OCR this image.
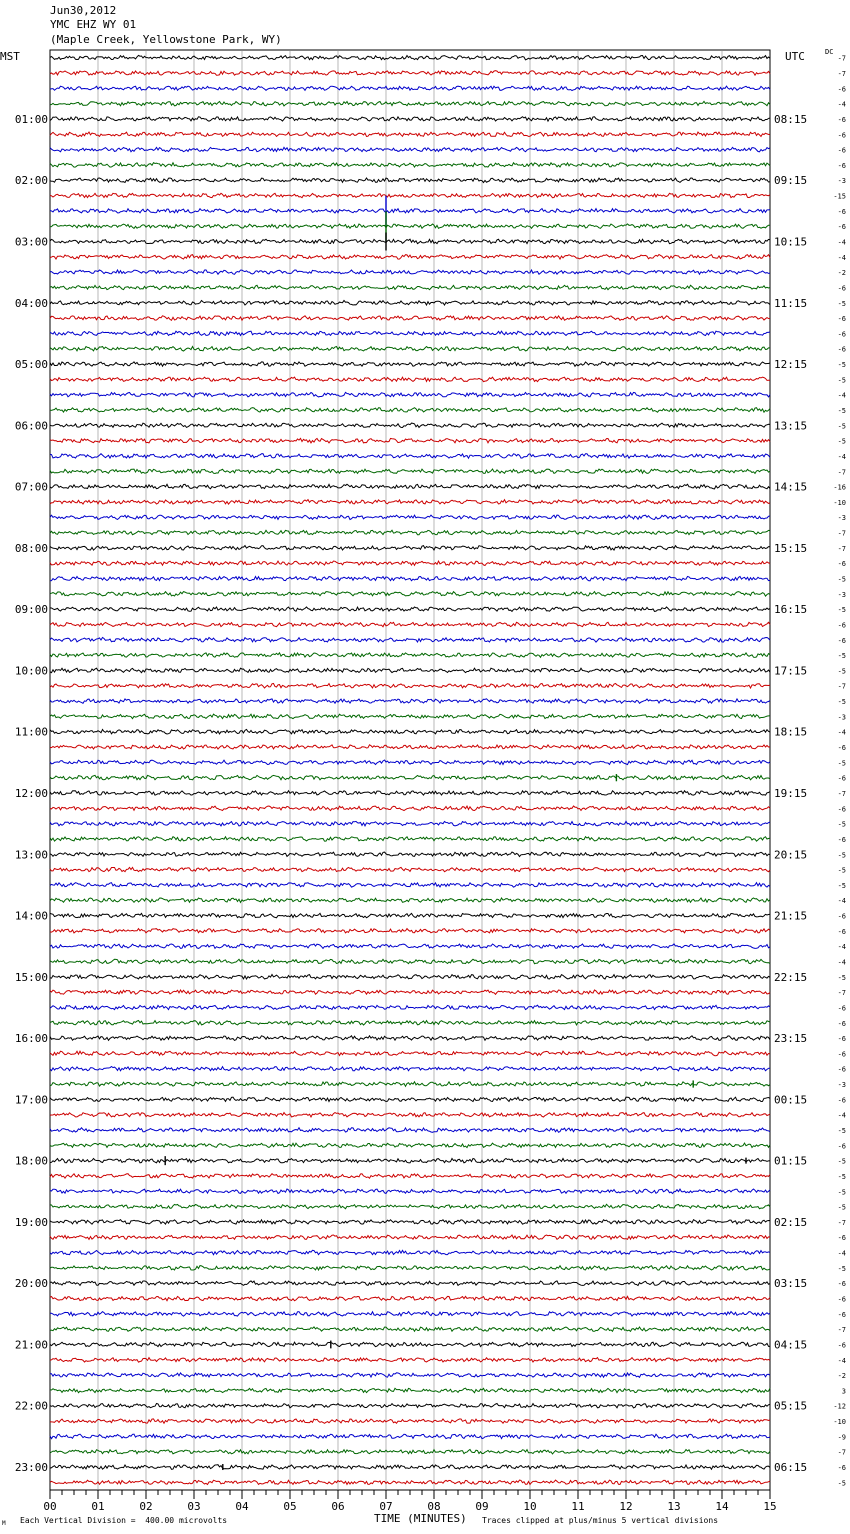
Jun30,2012
YMC EHZ WY 01
(Maple Creek, Yellowstone Park, WY)
MST	UTC	DC
-7
-7
-6
-4
-6
-6
-6
-6
-3
-15
-6
-6
-4
-4
-2
-6
-5
-6
-6
-6
-5
-5
-4
-5
-5
-5
-4
-7
-16
-10
-3
-7
-7
-6
-5
-3
-5
-6
-6
-5
-5
-7
-5
-3
-4
-6
-5
-6
-7
-6
-5
-6
-5
-5
-5
-4
-6
-6
-4
-4
-5
-7
-6
-6
-6
-6
-6
-3
-6
-4
-5
-6
-5
-5
-5
-5
-7
-6
-4
-5
-6
-6
-6
-7
-6
-4
-2
3
-12
-10
-9
-7
-6
-5
01:00
02:00
03:00
04:00
05:00
06:00
07:00
08:00
09:00
10:00
11:00
12:00
13:00
14:00
15:00
16:00
17:00
18:00
19:00
20:00
21:00
22:00
23:00
08:15
09:15
10:15
11:15
12:15
13:15
14:15
15:15
16:15
17:15
18:15
19:15
20:15
21:15
22:15
23:15
00:15
01:15
02:15
03:15
04:15
05:15
06:15
00	01	02	03	04	05	06	07	08	09	10	11	12	13	14	15
TIME (MINUTES)
M Each Vertical Division =  400.00 microvolts	Traces clipped at plus/minus 5 vertical divisions
